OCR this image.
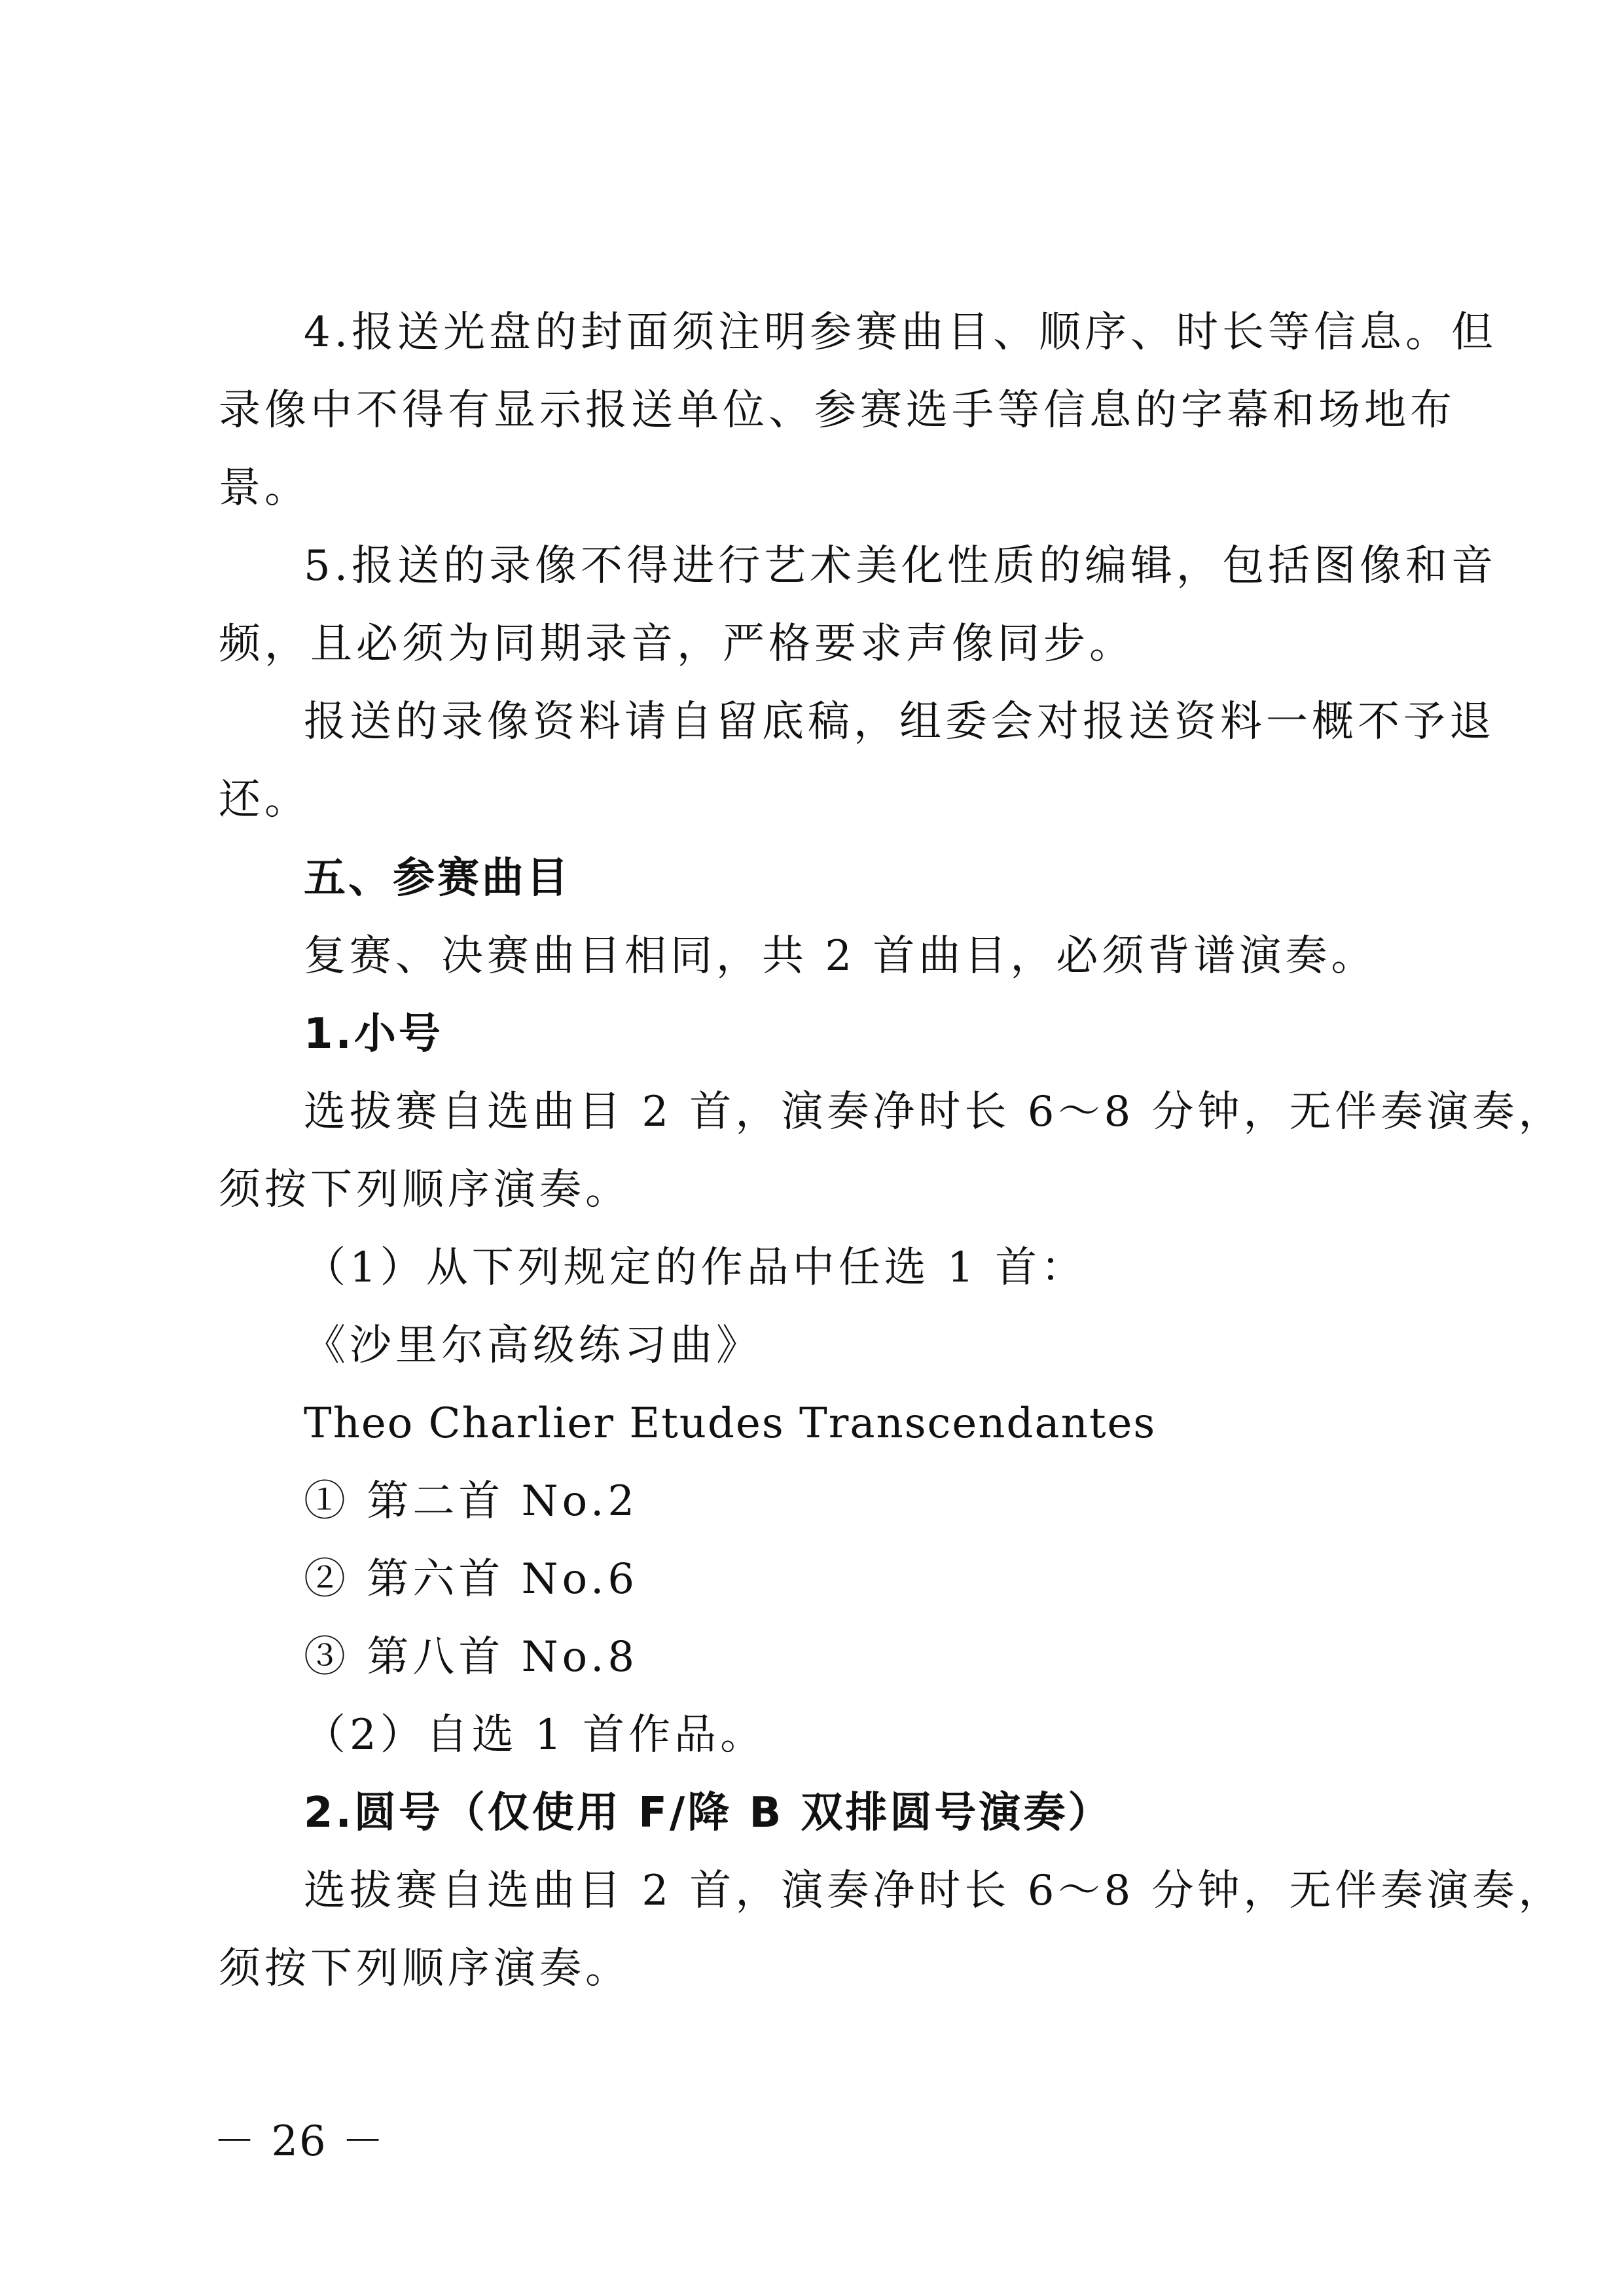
4.报送光盘的封面须注明参赛曲目、顺序、时长等信息。但
录像中不得有显示报送单位、参赛选手等信息的字幕和场地布
景。
5.报送的录像不得进行艺术美化性质的编辑，包括图像和音
频，且必须为同期录音，严格要求声像同步。
报送的录像资料请自留底稿，组委会对报送资料一概不予退
还。
五、参赛曲目
复赛、决赛曲目相同，共 2 首曲目，必须背谱演奏。
1.小号
选拔赛自选曲目 2 首，演奏净时长 6～8 分钟，无伴奏演奏，
须按下列顺序演奏。
（1）从下列规定的作品中任选 1 首：
《沙里尔高级练习曲》
Theo Charlier Etudes Transcendantes
① 第二首 No.2
② 第六首 No.6
③ 第八首 No.8
（2）自选 1 首作品。
2.圆号（仅使用 F/降 B 双排圆号演奏）
选拔赛自选曲目 2 首，演奏净时长 6～8 分钟，无伴奏演奏，
须按下列顺序演奏。
－ 26 －
